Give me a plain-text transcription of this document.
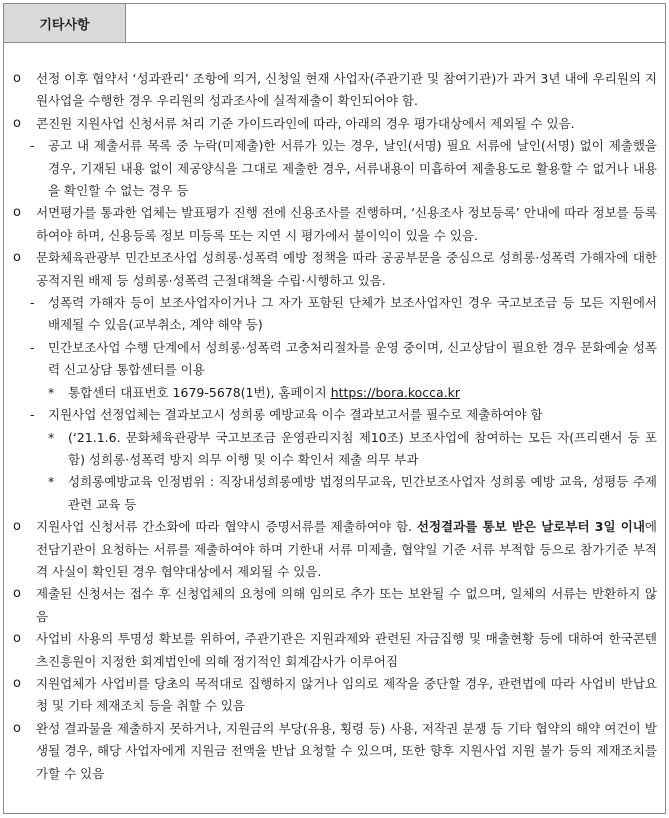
기타사항
o	선정 이후 협약서 ‘성과관리’ 조항에 의거, 신청일 현재 사업자(주관기관 및 참여기관)가 과거 3년 내에 우리원의 지원사업을 수행한 경우 우리원의 성과조사에 실적제출이 확인되어야 함.
o	콘진원 지원사업 신청서류 처리 기준 가이드라인에 따라, 아래의 경우 평가대상에서 제외될 수 있음.
- 공고 내 제출서류 목록 중 누락(미제출)한 서류가 있는 경우, 날인(서명) 필요 서류에 날인(서명) 없이 제출했을 경우, 기재된 내용 없이 제공양식을 그대로 제출한 경우, 서류내용이 미흡하여 제출용도로 활용할 수 없거나 내용을 확인할 수 없는 경우 등
o	서면평가를 통과한 업체는 발표평가 진행 전에 신용조사를 진행하며, ‘신용조사 정보등록’ 안내에 따라 정보를 등록하여야 하며, 신용등록 정보 미등록 또는 지연 시 평가에서 불이익이 있을 수 있음.
o	문화체육관광부 민간보조사업 성희롱·성폭력 예방 정책을 따라 공공부문을 중심으로 성희롱·성폭력 가해자에 대한 공적지원 배제 등 성희롱·성폭력 근절대책을 수립·시행하고 있음.
- 성폭력 가해자 등이 보조사업자이거나 그 자가 포함된 단체가 보조사업자인 경우 국고보조금 등 모든 지원에서 배제될 수 있음(교부취소, 계약 해약 등)
- 민간보조사업 수행 단계에서 성희롱·성폭력 고충처리절차를 운영 중이며, 신고상담이 필요한 경우 문화예술 성폭력 신고상담 통합센터를 이용
* 통합센터 대표번호 1679-5678(1번), 홈페이지 https://bora.kocca.kr
- 지원사업 선정업체는 결과보고시 성희롱 예방교육 이수 결과보고서를 필수로 제출하여야 함
* (‘21.1.6. 문화체육관광부 국고보조금 운영관리지침 제10조) 보조사업에 참여하는 모든 자(프리랜서 등 포함) 성희롱·성폭력 방지 의무 이행 및 이수 확인서 제출 의무 부과
* 성희롱예방교육 인정범위 : 직장내성희롱예방 법정의무교육, 민간보조사업자 성희롱 예방 교육, 성평등 주제 관련 교육 등
o	지원사업 신청서류 간소화에 따라 협약시 증명서류를 제출하여야 함. 선정결과를 통보 받은 날로부터 3일 이내에 전담기관이 요청하는 서류를 제출하여야 하며 기한내 서류 미제출, 협약일 기준 서류 부적합 등으로 참가기준 부적격 사실이 확인된 경우 협약대상에서 제외될 수 있음.
o	제출된 신청서는 접수 후 신청업체의 요청에 의해 임의로 추가 또는 보완될 수 없으며, 일체의 서류는 반환하지 않음
o	사업비 사용의 투명성 확보를 위하여, 주관기관은 지원과제와 관련된 자금집행 및 매출현황 등에 대하여 한국콘텐츠진흥원이 지정한 회계법인에 의해 정기적인 회계감사가 이루어짐
o	지원업체가 사업비를 당초의 목적대로 집행하지 않거나 임의로 제작을 중단할 경우, 관련법에 따라 사업비 반납요청 및 기타 제재조치 등을 취할 수 있음
o	완성 결과물을 제출하지 못하거나, 지원금의 부당(유용, 횡령 등) 사용, 저작권 분쟁 등 기타 협약의 해약 여건이 발생될 경우, 해당 사업자에게 지원금 전액을 반납 요청할 수 있으며, 또한 향후 지원사업 지원 불가 등의 제재조치를 가할 수 있음
